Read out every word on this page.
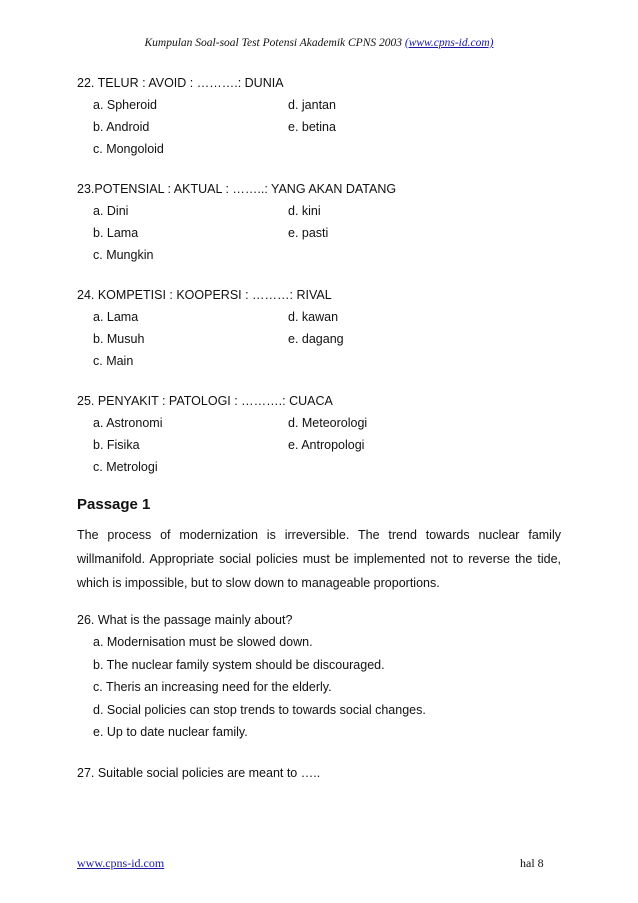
Kumpulan Soal-soal Test Potensi Akademik CPNS 2003 (www.cpns-id.com)

22. TELUR : AVOID : ……….: DUNIA

a. Spheroid	d. jantan
b. Android	e. betina
c. Mongoloid

23.POTENSIAL : AKTUAL : ……..: YANG AKAN DATANG

a. Dini	d. kini
b. Lama	e. pasti
c. Mungkin

24. KOMPETISI : KOOPERSI : ………: RIVAL

a. Lama	d. kawan
b. Musuh	e. dagang
c. Main

25. PENYAKIT : PATOLOGI : ……….: CUACA

a. Astronomi	d. Meteorologi
b. Fisika	e. Antropologi
c. Metrologi
Passage 1

The process of modernization is irreversible. The trend towards nuclear family willmanifold. Appropriate social policies must be implemented not to reverse the tide, which is impossible, but to slow down to manageable proportions.

26. What is the passage mainly about?

a. Modernisation must be slowed down.
b. The nuclear family system should be discouraged.
c. Theris an increasing need for the elderly.
d. Social policies can stop trends to towards social changes.
e. Up to date nuclear family.

27. Suitable social policies are meant to …..

www.cpns-id.com	hal 8
